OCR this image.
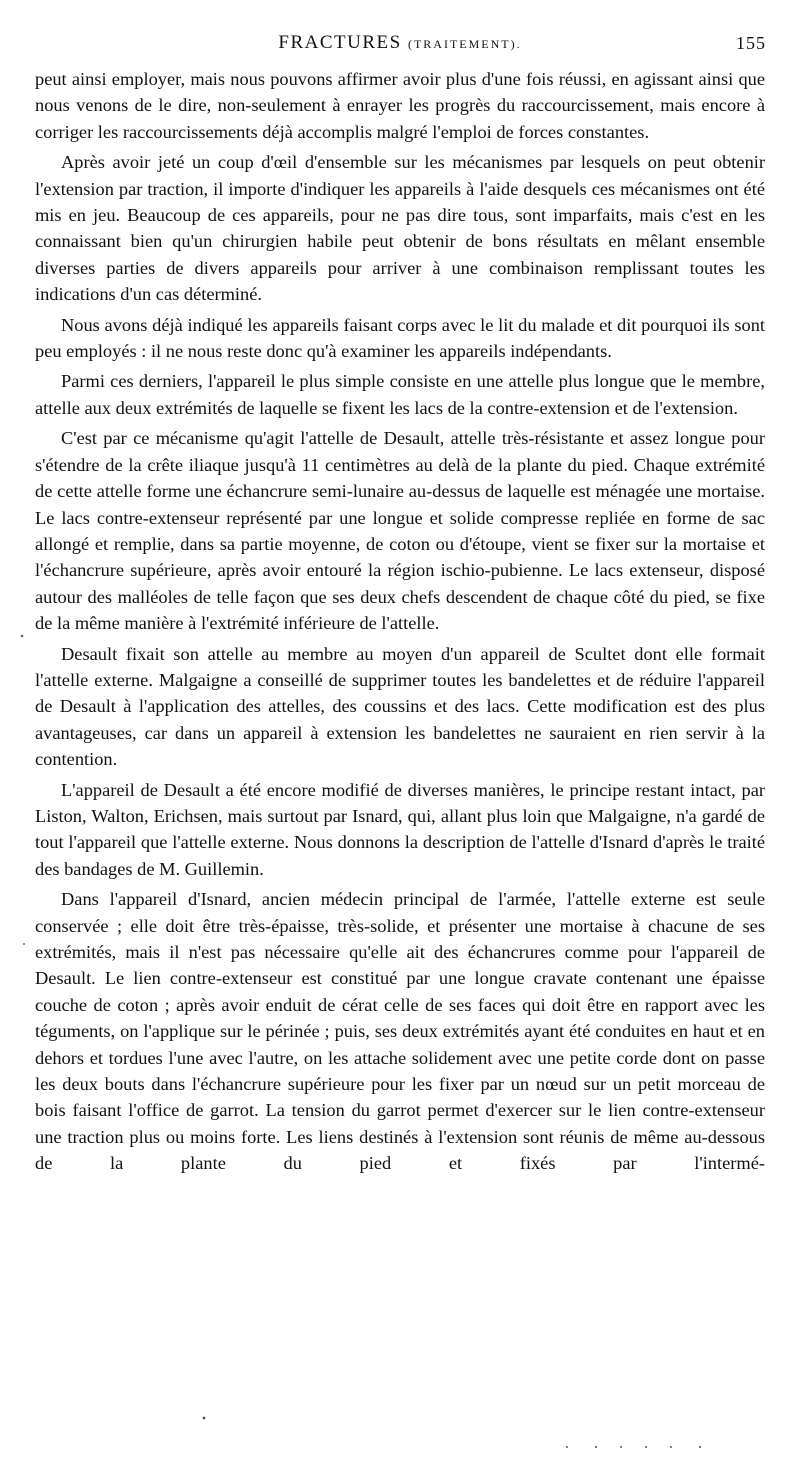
FRACTURES (TRAITEMENT).	155

peut ainsi employer, mais nous pouvons affirmer avoir plus d'une fois réussi, en agissant ainsi que nous venons de le dire, non-seulement à enrayer les progrès du raccourcissement, mais encore à corriger les raccourcissements déjà accomplis malgré l'emploi de forces constantes.

Après avoir jeté un coup d'œil d'ensemble sur les mécanismes par lesquels on peut obtenir l'extension par traction, il importe d'indiquer les appareils à l'aide desquels ces mécanismes ont été mis en jeu. Beaucoup de ces appareils, pour ne pas dire tous, sont imparfaits, mais c'est en les connaissant bien qu'un chirurgien habile peut obtenir de bons résultats en mêlant ensemble diverses parties de divers appareils pour arriver à une combinaison remplissant toutes les indications d'un cas déterminé.

Nous avons déjà indiqué les appareils faisant corps avec le lit du malade et dit pourquoi ils sont peu employés : il ne nous reste donc qu'à examiner les appareils indépendants.

Parmi ces derniers, l'appareil le plus simple consiste en une attelle plus longue que le membre, attelle aux deux extrémités de laquelle se fixent les lacs de la contre-extension et de l'extension.

C'est par ce mécanisme qu'agit l'attelle de Desault, attelle très-résistante et assez longue pour s'étendre de la crête iliaque jusqu'à 11 centimètres au delà de la plante du pied. Chaque extrémité de cette attelle forme une échancrure semi-lunaire au-dessus de laquelle est ménagée une mortaise. Le lacs contre-extenseur représenté par une longue et solide compresse repliée en forme de sac allongé et remplie, dans sa partie moyenne, de coton ou d'étoupe, vient se fixer sur la mortaise et l'échancrure supérieure, après avoir entouré la région ischio-pubienne. Le lacs extenseur, disposé autour des malléoles de telle façon que ses deux chefs descendent de chaque côté du pied, se fixe de la même manière à l'extrémité inférieure de l'attelle.

Desault fixait son attelle au membre au moyen d'un appareil de Scultet dont elle formait l'attelle externe. Malgaigne a conseillé de supprimer toutes les bandelettes et de réduire l'appareil de Desault à l'application des attelles, des coussins et des lacs. Cette modification est des plus avantageuses, car dans un appareil à extension les bandelettes ne sauraient en rien servir à la contention.

L'appareil de Desault a été encore modifié de diverses manières, le principe restant intact, par Liston, Walton, Erichsen, mais surtout par Isnard, qui, allant plus loin que Malgaigne, n'a gardé de tout l'appareil que l'attelle externe. Nous donnons la description de l'attelle d'Isnard d'après le traité des bandages de M. Guillemin.

Dans l'appareil d'Isnard, ancien médecin principal de l'armée, l'attelle externe est seule conservée ; elle doit être très-épaisse, très-solide, et présenter une mortaise à chacune de ses extrémités, mais il n'est pas nécessaire qu'elle ait des échancrures comme pour l'appareil de Desault. Le lien contre-extenseur est constitué par une longue cravate contenant une épaisse couche de coton ; après avoir enduit de cérat celle de ses faces qui doit être en rapport avec les téguments, on l'applique sur le périnée ; puis, ses deux extrémités ayant été conduites en haut et en dehors et tordues l'une avec l'autre, on les attache solidement avec une petite corde dont on passe les deux bouts dans l'échancrure supérieure pour les fixer par un nœud sur un petit morceau de bois faisant l'office de garrot. La tension du garrot permet d'exercer sur le lien contre-extenseur une traction plus ou moins forte. Les liens destinés à l'extension sont réunis de même au-dessous de la plante du pied et fixés par l'intermé-
